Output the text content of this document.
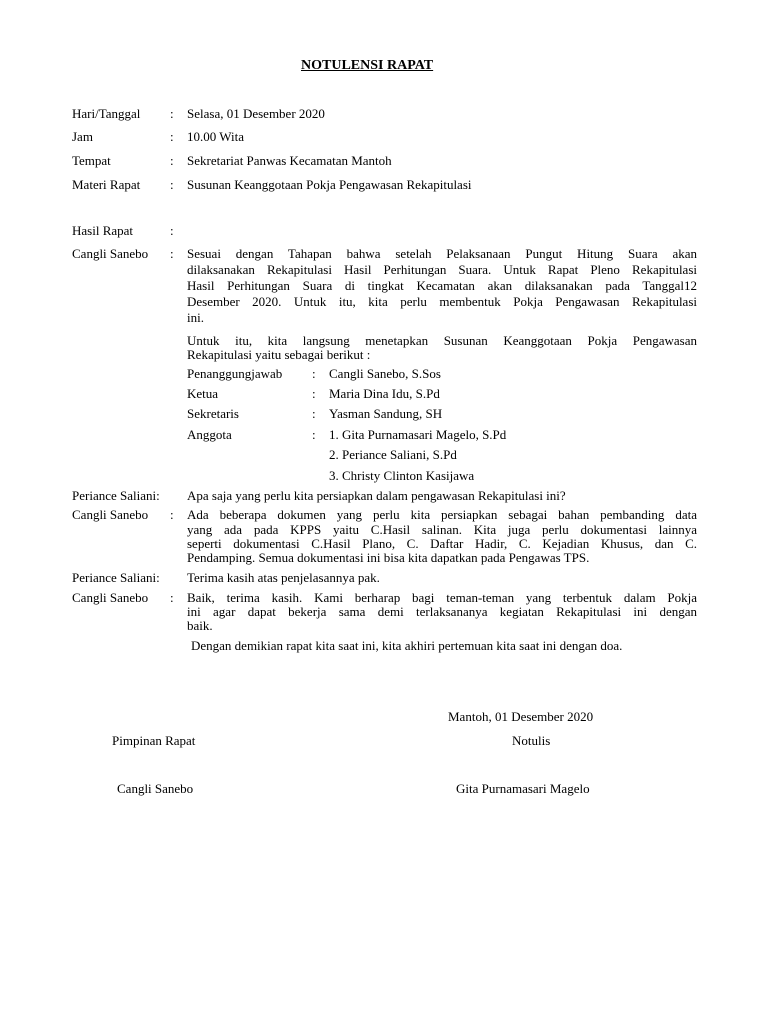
NOTULENSI RAPAT
Hari/Tanggal : Selasa, 01 Desember 2020
Jam	: 10.00 Wita
Tempat	: Sekretariat Panwas Kecamatan Mantoh
Materi Rapat : Susunan Keanggotaan Pokja Pengawasan Rekapitulasi
Hasil Rapat	:
Cangli Sanebo : Sesuai dengan Tahapan bahwa setelah Pelaksanaan Pungut Hitung Suara akan
dilaksanakan Rekapitulasi Hasil Perhitungan Suara. Untuk Rapat Pleno Rekapitulasi
Hasil Perhitungan Suara di tingkat Kecamatan akan dilaksanakan pada Tanggal12
Desember 2020. Untuk itu, kita perlu membentuk Pokja Pengawasan Rekapitulasi
ini.
Untuk itu, kita langsung menetapkan Susunan Keanggotaan Pokja Pengawasan
Rekapitulasi yaitu sebagai berikut :
Penanggungjawab : Cangli Sanebo, S.Sos
Ketua	: Maria Dina Idu, S.Pd
Sekretaris	: Yasman Sandung, SH
Anggota	: 1. Gita Purnamasari Magelo, S.Pd
2. Periance Saliani, S.Pd
3. Christy Clinton Kasijawa
Periance Saliani: Apa saja yang perlu kita persiapkan dalam pengawasan Rekapitulasi ini?
Cangli Sanebo : Ada beberapa dokumen yang perlu kita persiapkan sebagai bahan pembanding data
yang ada pada KPPS yaitu C.Hasil salinan. Kita juga perlu dokumentasi lainnya
seperti dokumentasi C.Hasil Plano, C. Daftar Hadir, C. Kejadian Khusus, dan C.
Pendamping. Semua dokumentasi ini bisa kita dapatkan pada Pengawas TPS.
Periance Saliani: Terima kasih atas penjelasannya pak.
Cangli Sanebo : Baik, terima kasih. Kami berharap bagi teman-teman yang terbentuk dalam Pokja
ini agar dapat bekerja sama demi terlaksananya kegiatan Rekapitulasi ini dengan
baik.
Dengan demikian rapat kita saat ini, kita akhiri pertemuan kita saat ini dengan doa.
Mantoh, 01 Desember 2020
Pimpinan Rapat	Notulis
Cangli Sanebo	Gita Purnamasari Magelo
